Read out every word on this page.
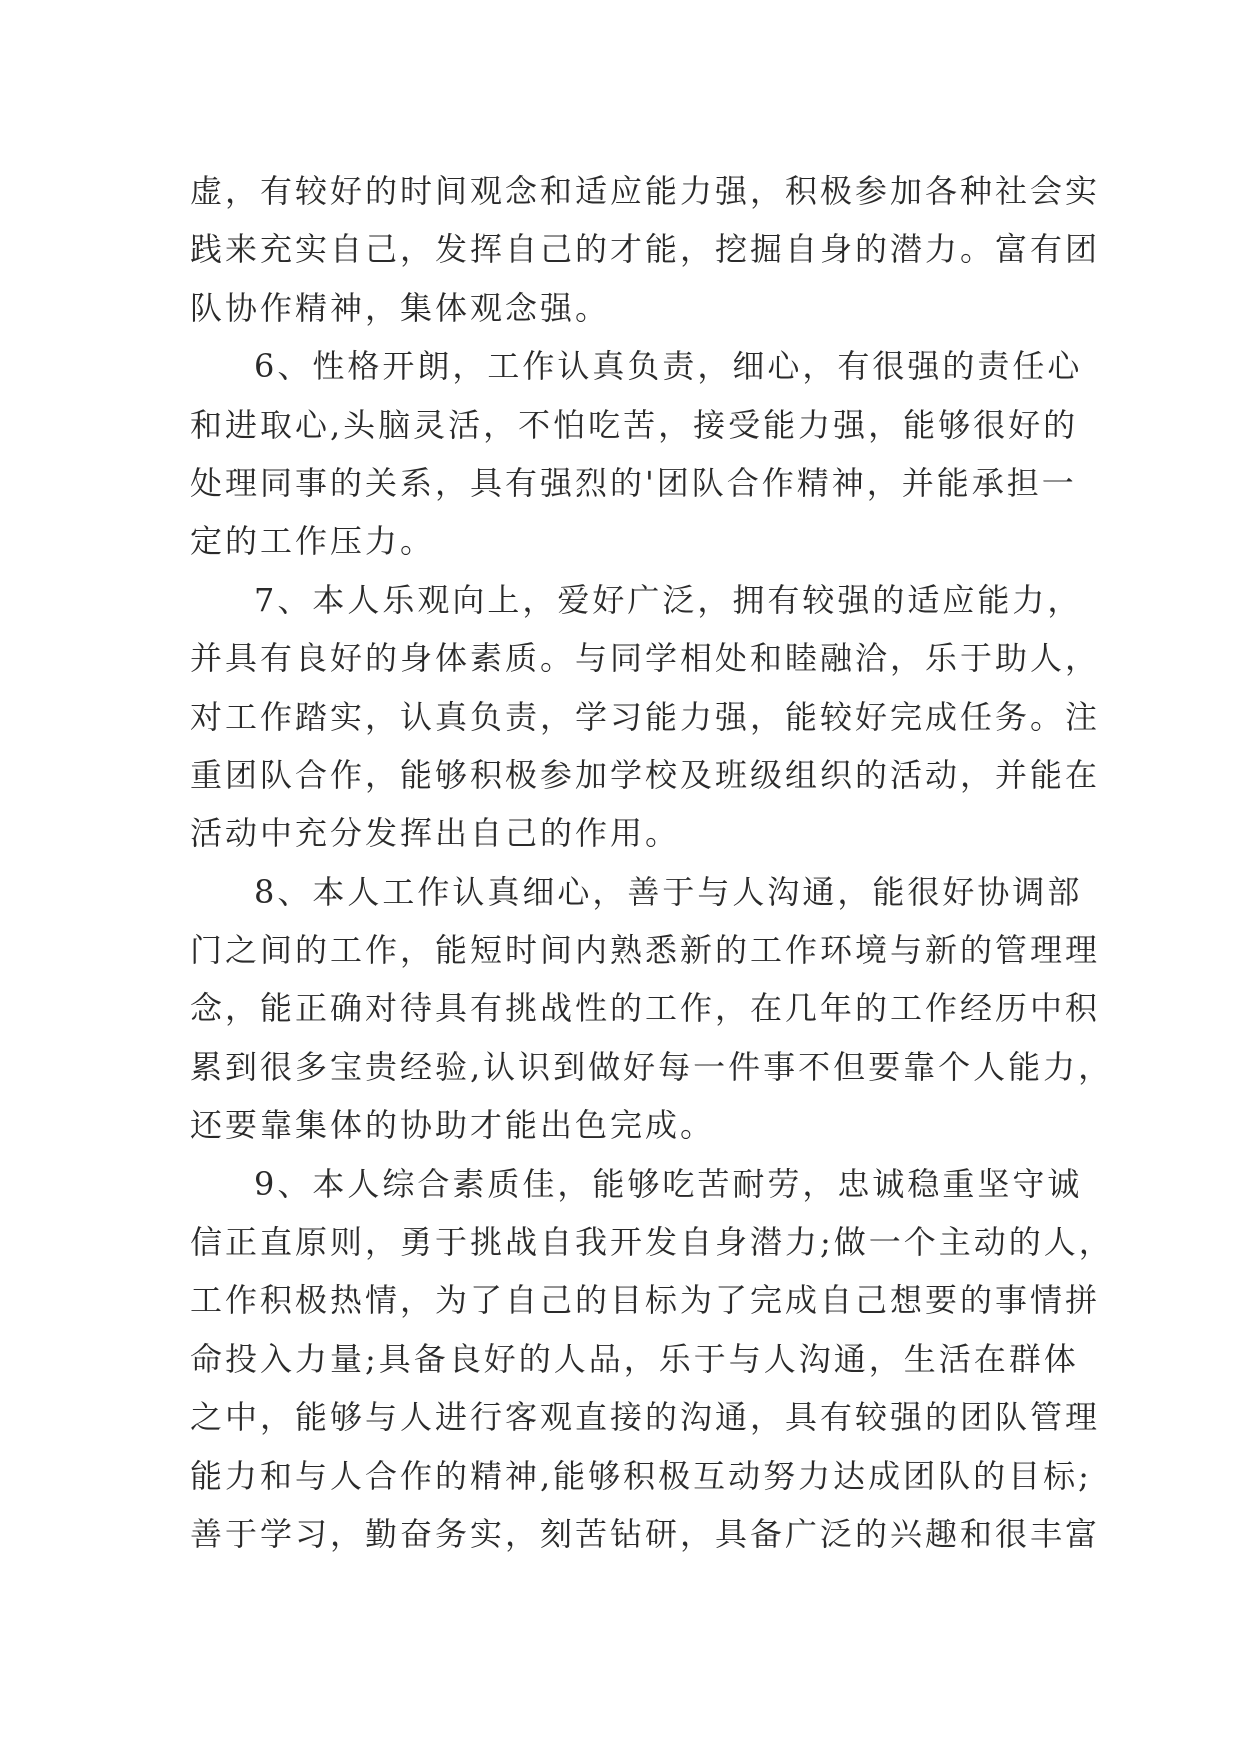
虚，有较好的时间观念和适应能力强，积极参加各种社会实
践来充实自己，发挥自己的才能，挖掘自身的潜力。富有团
队协作精神，集体观念强。
6、性格开朗，工作认真负责，细心，有很强的责任心
和进取心,头脑灵活，不怕吃苦，接受能力强，能够很好的
处理同事的关系，具有强烈的'团队合作精神，并能承担一
定的工作压力。
7、本人乐观向上，爱好广泛，拥有较强的适应能力，
并具有良好的身体素质。与同学相处和睦融洽，乐于助人，
对工作踏实，认真负责，学习能力强，能较好完成任务。注
重团队合作，能够积极参加学校及班级组织的活动，并能在
活动中充分发挥出自己的作用。
8、本人工作认真细心，善于与人沟通，能很好协调部
门之间的工作，能短时间内熟悉新的工作环境与新的管理理
念，能正确对待具有挑战性的工作，在几年的工作经历中积
累到很多宝贵经验,认识到做好每一件事不但要靠个人能力，
还要靠集体的协助才能出色完成。
9、本人综合素质佳，能够吃苦耐劳，忠诚稳重坚守诚
信正直原则，勇于挑战自我开发自身潜力;做一个主动的人，
工作积极热情，为了自己的目标为了完成自己想要的事情拼
命投入力量;具备良好的人品，乐于与人沟通，生活在群体
之中，能够与人进行客观直接的沟通，具有较强的团队管理
能力和与人合作的精神,能够积极互动努力达成团队的目标;
善于学习，勤奋务实，刻苦钻研，具备广泛的兴趣和很丰富
